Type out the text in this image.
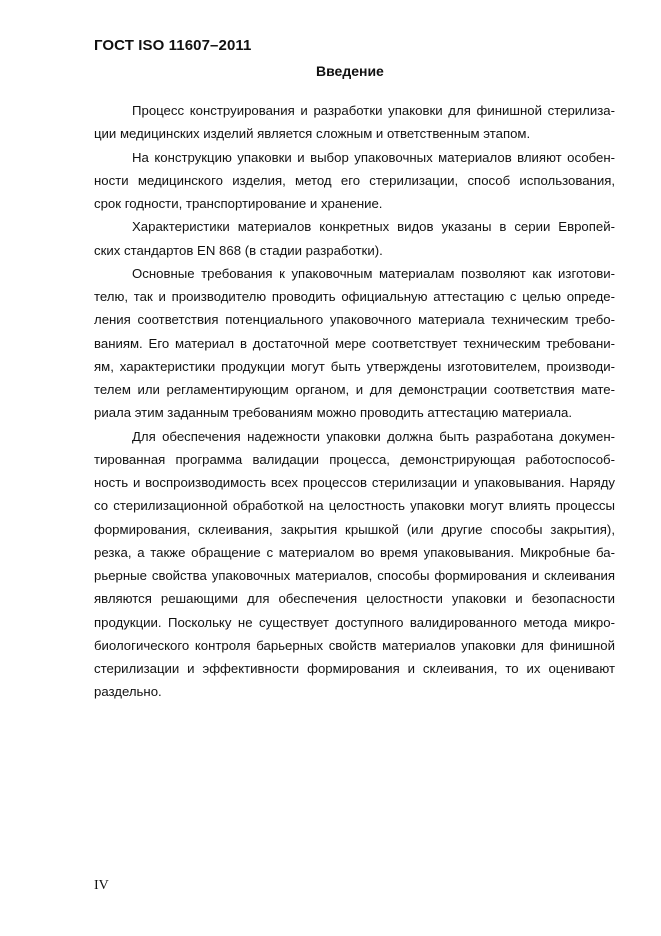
ГОСТ ISO 11607–2011
Введение
Процесс конструирования и разработки упаковки для финишной стерилиза-
ции медицинских изделий является сложным и ответственным этапом.
На конструкцию упаковки и выбор упаковочных материалов влияют особен-
ности медицинского изделия, метод его стерилизации, способ использования,
срок годности, транспортирование и хранение.
Характеристики материалов конкретных видов указаны в серии Европей-
ских стандартов EN 868 (в стадии разработки).
Основные требования к упаковочным материалам позволяют как изготови-
телю, так и производителю проводить официальную аттестацию с целью опреде-
ления соответствия потенциального упаковочного материала техническим требо-
ваниям. Его материал в достаточной мере соответствует техническим требовани-
ям, характеристики продукции могут быть утверждены изготовителем, производи-
телем или регламентирующим органом, и для демонстрации соответствия мате-
риала этим заданным требованиям можно проводить аттестацию материала.
Для обеспечения надежности упаковки должна быть разработана докумен-
тированная программа валидации процесса, демонстрирующая работоспособ-
ность и воспроизводимость всех процессов стерилизации и упаковывания. Наряду
со стерилизационной обработкой на целостность упаковки могут влиять процессы
формирования, склеивания, закрытия крышкой (или другие способы закрытия),
резка, а также обращение с материалом во время упаковывания. Микробные ба-
рьерные свойства упаковочных материалов, способы формирования и склеивания
являются решающими для обеспечения целостности упаковки и безопасности
продукции. Поскольку не существует доступного валидированного метода микро-
биологического контроля барьерных свойств материалов упаковки для финишной
стерилизации и эффективности формирования и склеивания, то их оценивают
раздельно.
IV
